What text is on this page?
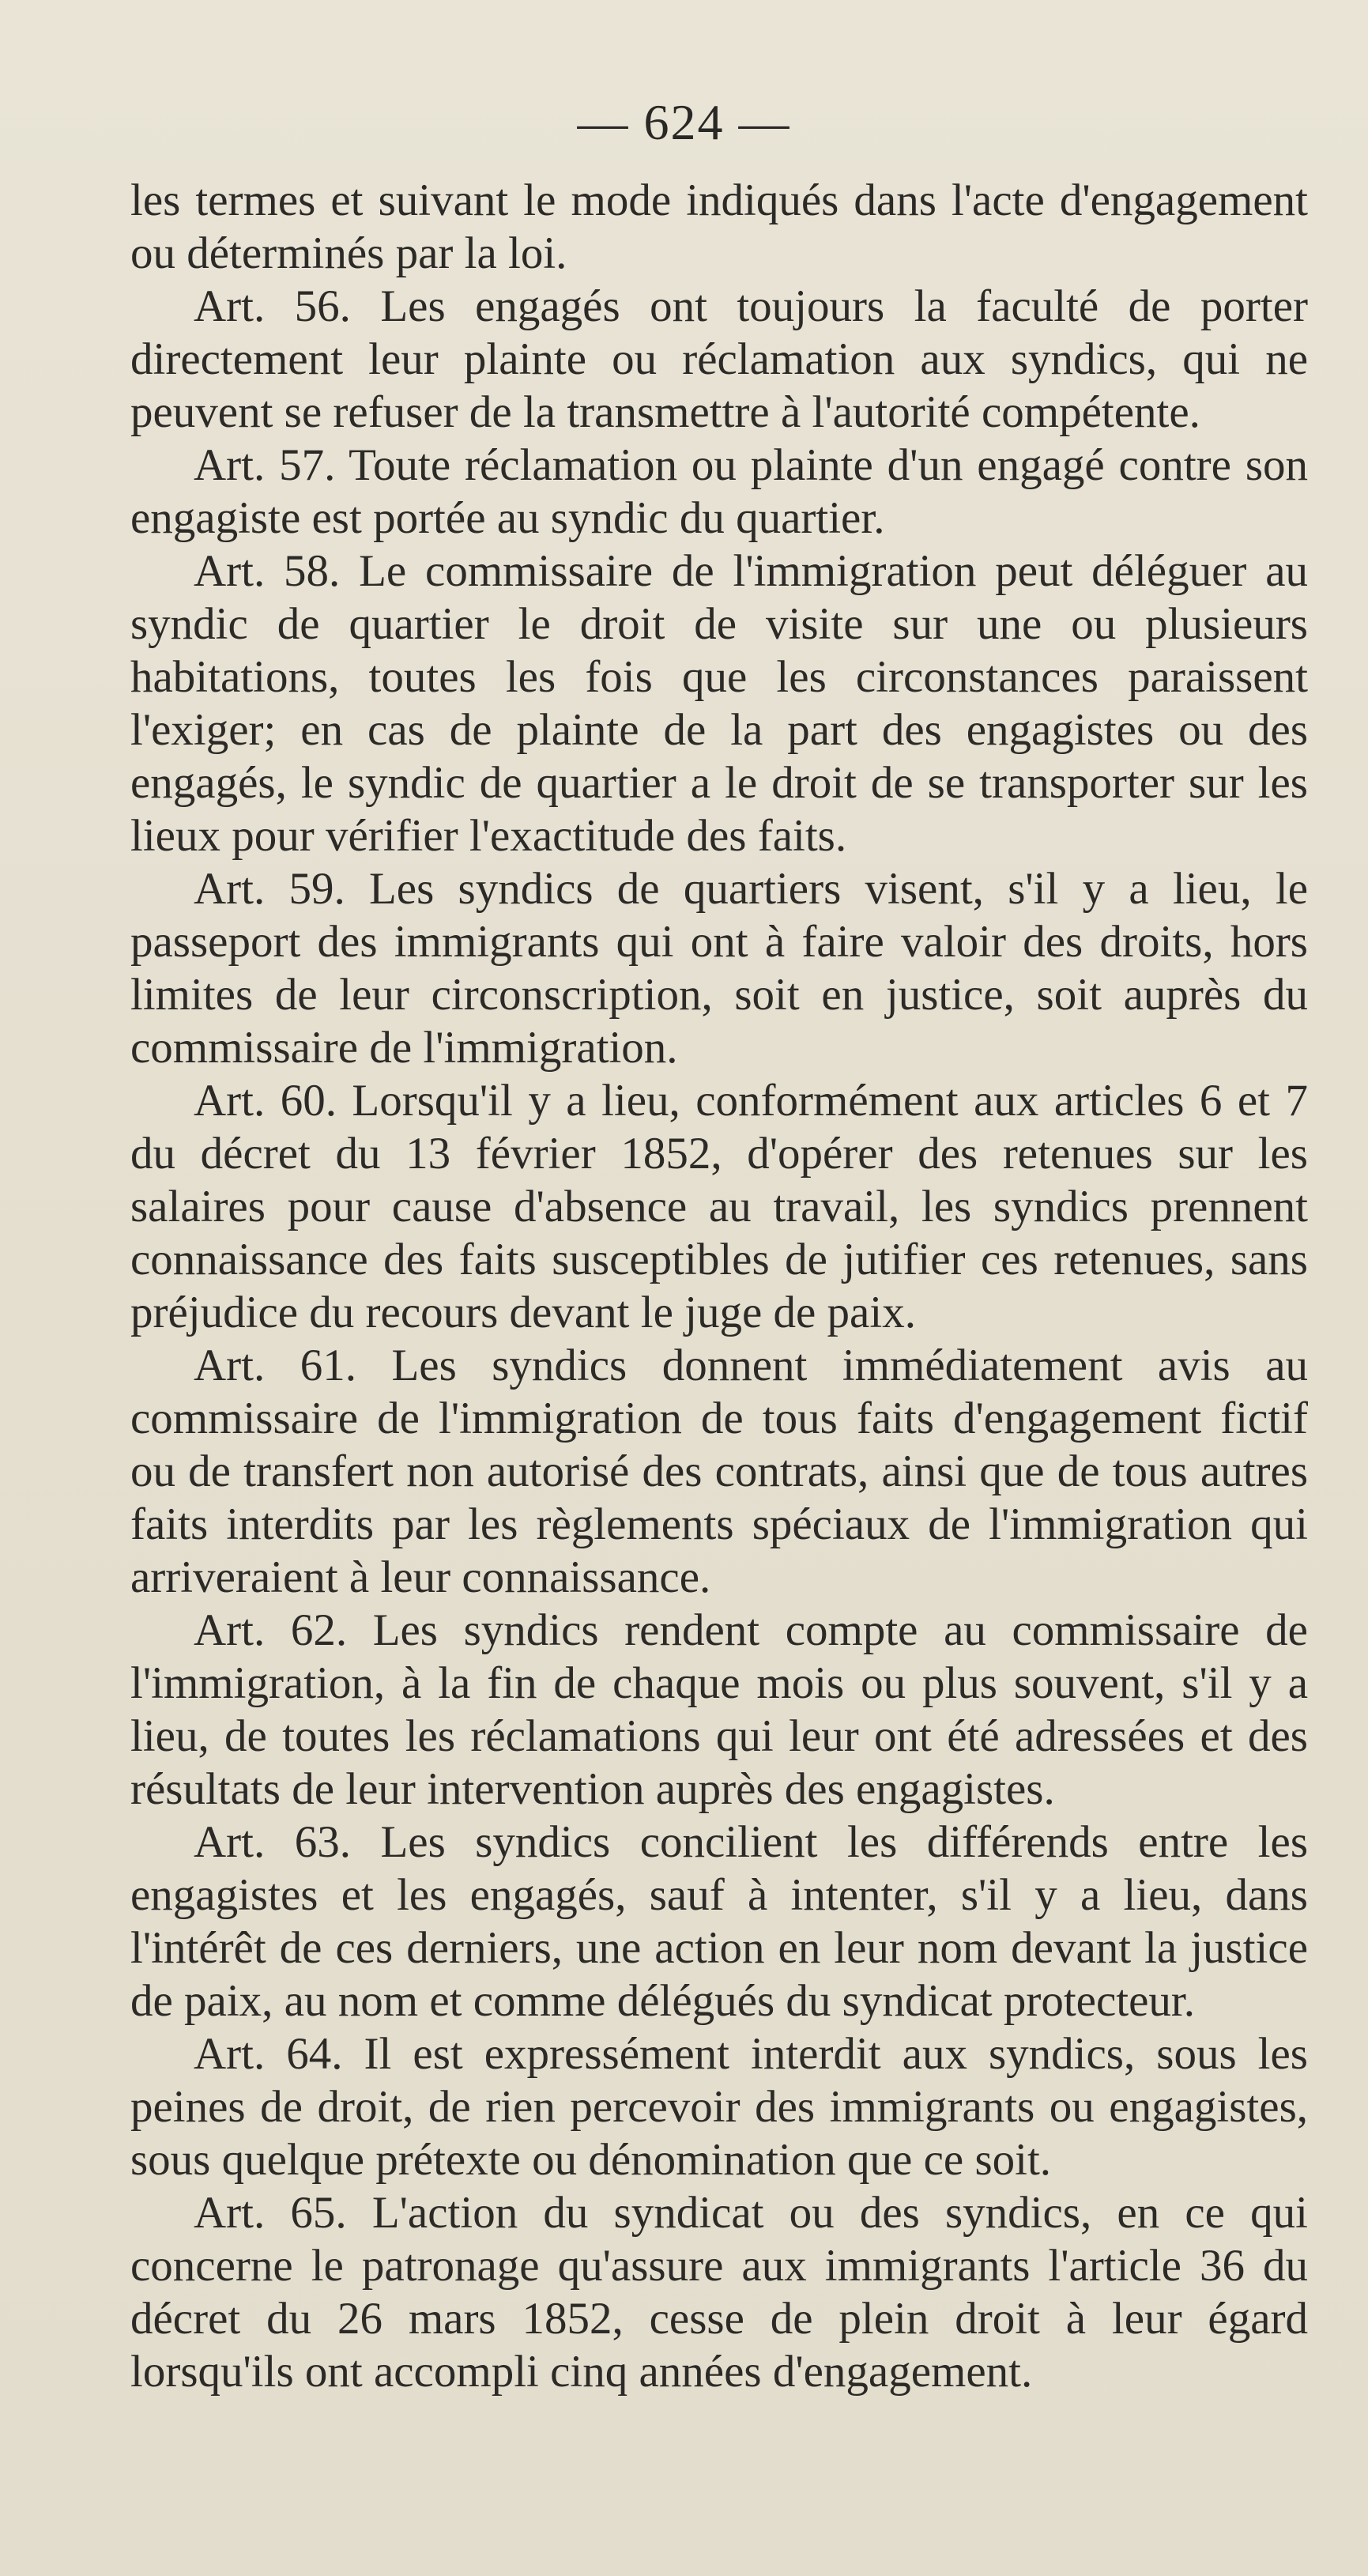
— 624 —

les termes et suivant le mode indiqués dans l'acte d'engagement ou déterminés par la loi.

Art. 56. Les engagés ont toujours la faculté de porter directement leur plainte ou réclamation aux syndics, qui ne peuvent se refuser de la transmettre à l'autorité compétente.

Art. 57. Toute réclamation ou plainte d'un engagé contre son engagiste est portée au syndic du quartier.

Art. 58. Le commissaire de l'immigration peut déléguer au syndic de quartier le droit de visite sur une ou plusieurs habitations, toutes les fois que les circonstances paraissent l'exiger; en cas de plainte de la part des engagistes ou des engagés, le syndic de quartier a le droit de se transporter sur les lieux pour vérifier l'exactitude des faits.

Art. 59. Les syndics de quartiers visent, s'il y a lieu, le passeport des immigrants qui ont à faire valoir des droits, hors limites de leur circonscription, soit en justice, soit auprès du commissaire de l'immigration.

Art. 60. Lorsqu'il y a lieu, conformément aux articles 6 et 7 du décret du 13 février 1852, d'opérer des retenues sur les salaires pour cause d'absence au travail, les syndics prennent connaissance des faits susceptibles de jutifier ces retenues, sans préjudice du recours devant le juge de paix.

Art. 61. Les syndics donnent immédiatement avis au commissaire de l'immigration de tous faits d'engagement fictif ou de transfert non autorisé des contrats, ainsi que de tous autres faits interdits par les règlements spéciaux de l'immigration qui arriveraient à leur connaissance.

Art. 62. Les syndics rendent compte au commissaire de l'immigration, à la fin de chaque mois ou plus souvent, s'il y a lieu, de toutes les réclamations qui leur ont été adressées et des résultats de leur intervention auprès des engagistes.

Art. 63. Les syndics concilient les différends entre les engagistes et les engagés, sauf à intenter, s'il y a lieu, dans l'intérêt de ces derniers, une action en leur nom devant la justice de paix, au nom et comme délégués du syndicat protecteur.

Art. 64. Il est expressément interdit aux syndics, sous les peines de droit, de rien percevoir des immigrants ou engagistes, sous quelque prétexte ou dénomination que ce soit.

Art. 65. L'action du syndicat ou des syndics, en ce qui concerne le patronage qu'assure aux immigrants l'article 36 du décret du 26 mars 1852, cesse de plein droit à leur égard lorsqu'ils ont accompli cinq années d'engagement.
